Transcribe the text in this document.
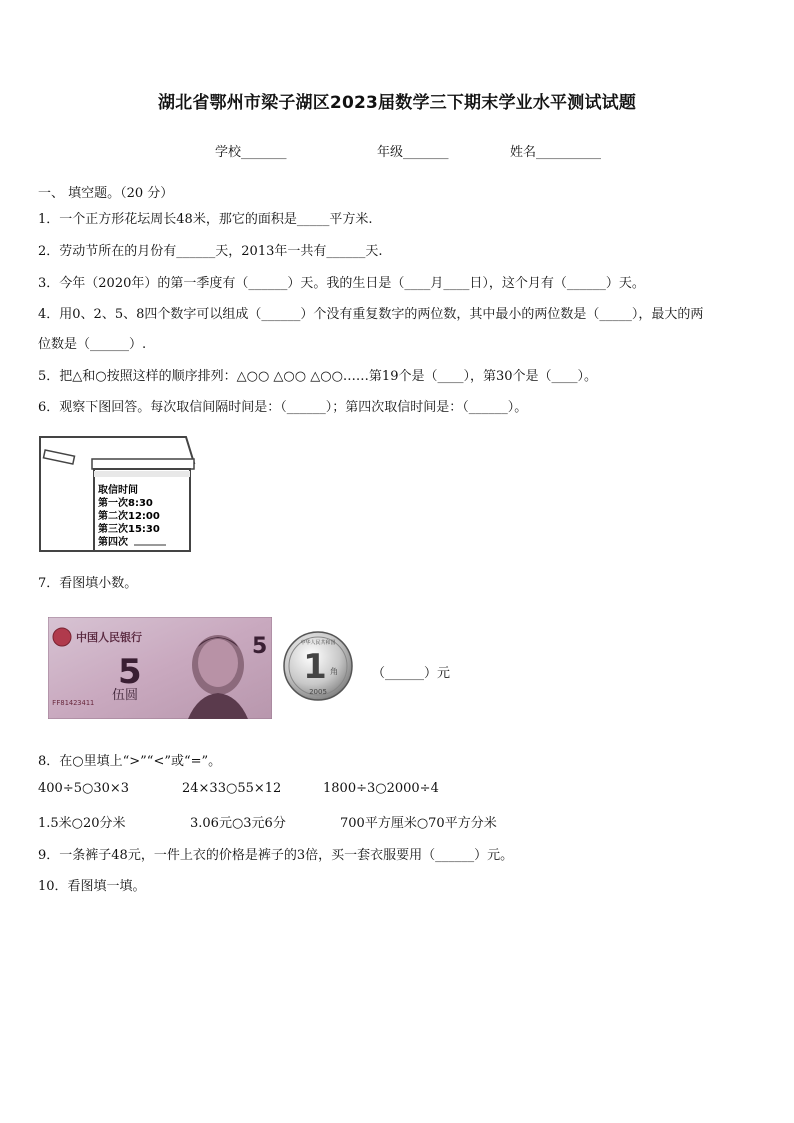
湖北省鄂州市梁子湖区2023届数学三下期末学业水平测试试题
学校_______	年级_______	姓名__________
一、 填空题。（20 分）
1．一个正方形花坛周长48米，那它的面积是_____平方米.
2．劳动节所在的月份有______天，2013年一共有______天.
3．今年（2020年）的第一季度有（______）天。我的生日是（____月____日），这个月有（______）天。
4．用0、2、5、8四个数字可以组成（______）个没有重复数字的两位数，其中最小的两位数是（_____），最大的两
位数是（______）.
5．把△和○按照这样的顺序排列：△○○ △○○ △○○……第19个是（____），第30个是（____）。
6．观察下图回答。每次取信间隔时间是：（______）；第四次取信时间是：（______）。
取信时间
第一次8:30
第二次12:00
第三次15:30
第四次
7．看图填小数。
中国人民银行
5
伍圆
FF81423411
5	中华人民共和国
1 角
2005
（______）元
8．在○里填上“>”“<”或“=”。
400÷5○30×3	24×33○55×12	1800÷3○2000÷4
1.5米○20分米	3.06元○3元6分	700平方厘米○70平方分米
9．一条裤子48元，一件上衣的价格是裤子的3倍，买一套衣服要用（______）元。
10．看图填一填。
